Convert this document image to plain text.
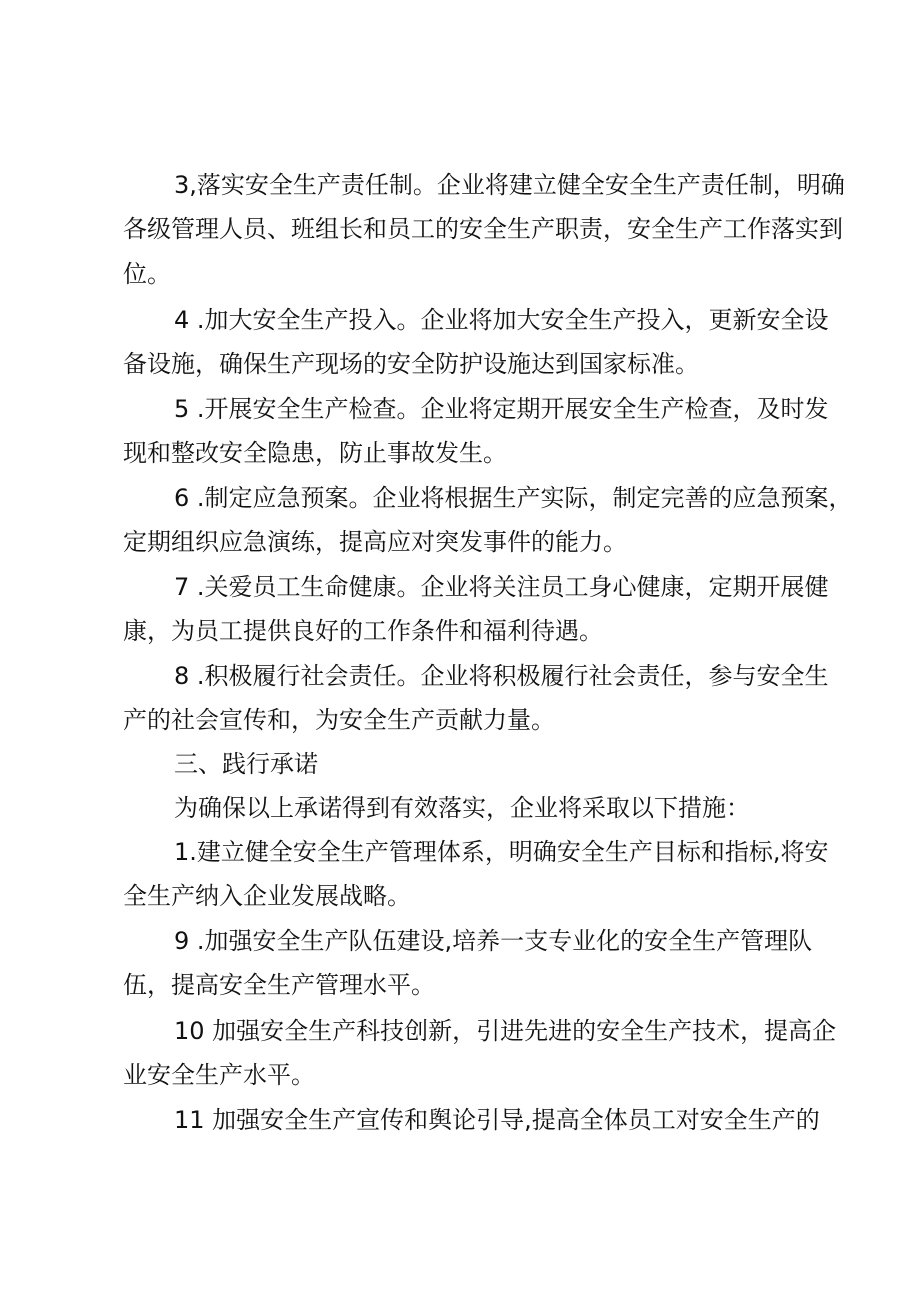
3,落实安全生产责任制。企业将建立健全安全生产责任制，明确
各级管理人员、班组长和员工的安全生产职责，安全生产工作落实到
位。
4 .加大安全生产投入。企业将加大安全生产投入，更新安全设
备设施，确保生产现场的安全防护设施达到国家标准。
5 .开展安全生产检查。企业将定期开展安全生产检查，及时发
现和整改安全隐患，防止事故发生。
6 .制定应急预案。企业将根据生产实际，制定完善的应急预案，
定期组织应急演练，提高应对突发事件的能力。
7 .关爱员工生命健康。企业将关注员工身心健康，定期开展健
康，为员工提供良好的工作条件和福利待遇。
8 .积极履行社会责任。企业将积极履行社会责任，参与安全生
产的社会宣传和，为安全生产贡献力量。
三、践行承诺
为确保以上承诺得到有效落实，企业将采取以下措施：
1.建立健全安全生产管理体系，明确安全生产目标和指标,将安
全生产纳入企业发展战略。
9 .加强安全生产队伍建设,培养一支专业化的安全生产管理队
伍，提高安全生产管理水平。
10 加强安全生产科技创新，引进先进的安全生产技术，提高企
业安全生产水平。
11 加强安全生产宣传和舆论引导,提高全体员工对安全生产的
